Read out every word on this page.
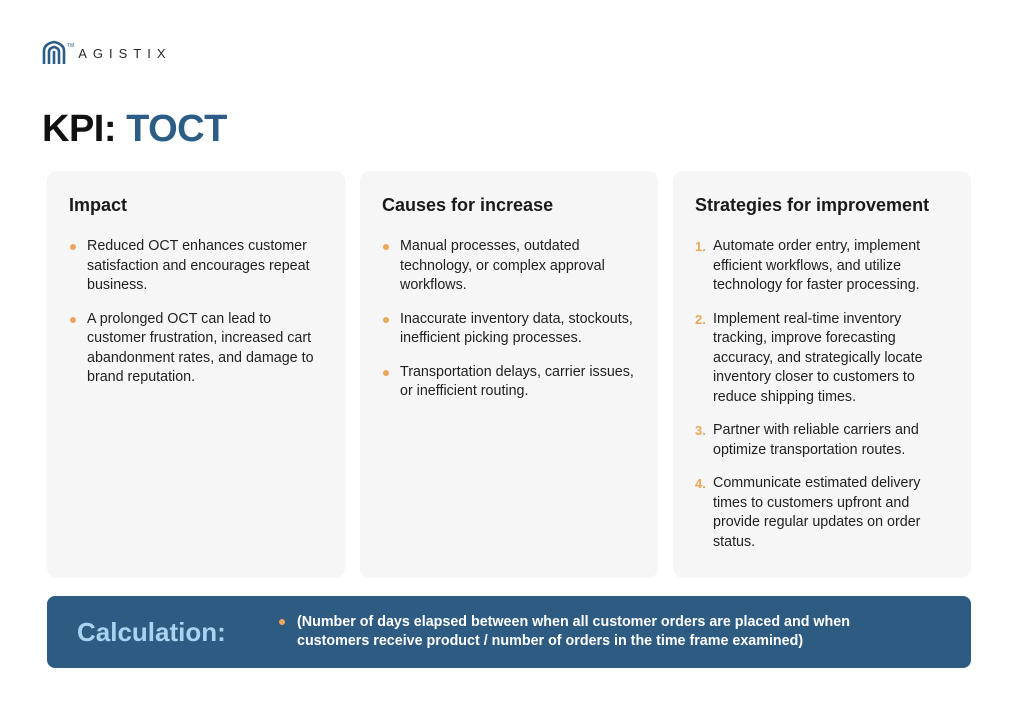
TM AGISTIX
KPI: TOCT
Impact
Reduced OCT enhances customer satisfaction and encourages repeat business.
A prolonged OCT can lead to customer frustration, increased cart abandonment rates, and damage to brand reputation.
Causes for increase
Manual processes, outdated technology, or complex approval workflows.
Inaccurate inventory data, stockouts, inefficient picking processes.
Transportation delays, carrier issues, or inefficient routing.
Strategies for improvement
1. Automate order entry, implement efficient workflows, and utilize technology for faster processing.
2. Implement real-time inventory tracking, improve forecasting accuracy, and strategically locate inventory closer to customers to reduce shipping times.
3. Partner with reliable carriers and optimize transportation routes.
4. Communicate estimated delivery times to customers upfront and provide regular updates on order status.
Calculation:	(Number of days elapsed between when all customer orders are placed and when customers receive product / number of orders in the time frame examined)
